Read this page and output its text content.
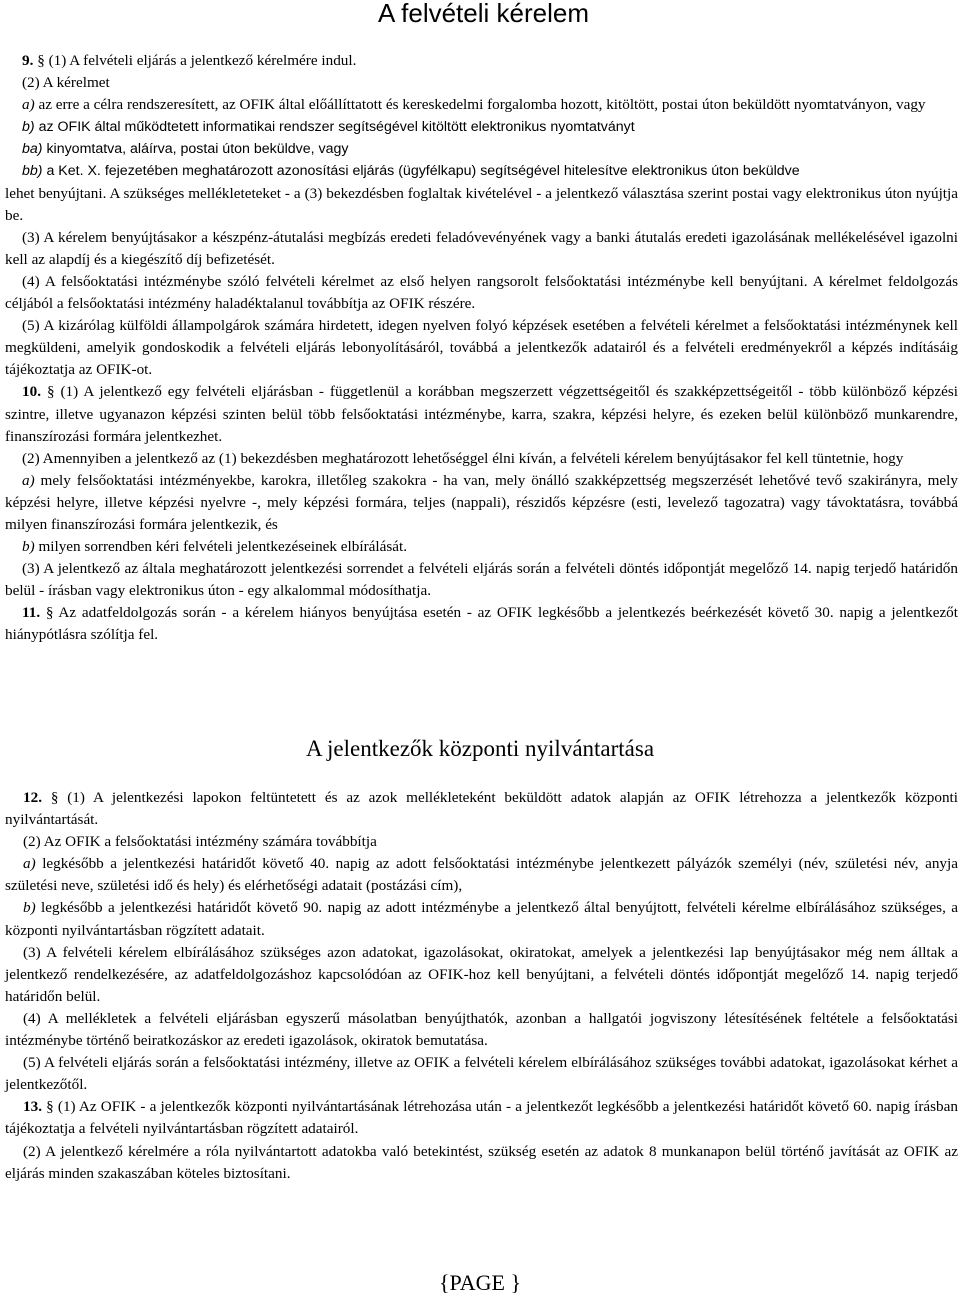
A felvételi kérelem

9. § (1) A felvételi eljárás a jelentkező kérelmére indul.

(2) A kérelmet

a) az erre a célra rendszeresített, az OFIK által előállíttatott és kereskedelmi forgalomba hozott, kitöltött, postai úton beküldött nyomtatványon, vagy

b) az OFIK által működtetett informatikai rendszer segítségével kitöltött elektronikus nyomtatványt

ba) kinyomtatva, aláírva, postai úton beküldve, vagy

bb) a Ket. X. fejezetében meghatározott azonosítási eljárás (ügyfélkapu) segítségével hitelesítve elektronikus úton beküldve

lehet benyújtani. A szükséges mellékleteteket - a (3) bekezdésben foglaltak kivételével - a jelentkező választása szerint postai vagy elektronikus úton nyújtja be.

(3) A kérelem benyújtásakor a készpénz-átutalási megbízás eredeti feladóvevényének vagy a banki átutalás eredeti igazolásának mellékelésével igazolni kell az alapdíj és a kiegészítő díj befizetését.

(4) A felsőoktatási intézménybe szóló felvételi kérelmet az első helyen rangsorolt felsőoktatási intézménybe kell benyújtani. A kérelmet feldolgozás céljából a felsőoktatási intézmény haladéktalanul továbbítja az OFIK részére.

(5) A kizárólag külföldi állampolgárok számára hirdetett, idegen nyelven folyó képzések esetében a felvételi kérelmet a felsőoktatási intézménynek kell megküldeni, amelyik gondoskodik a felvételi eljárás lebonyolításáról, továbbá a jelentkezők adatairól és a felvételi eredményekről a képzés indításáig tájékoztatja az OFIK-ot.

10. § (1) A jelentkező egy felvételi eljárásban - függetlenül a korábban megszerzett végzettségeitől és szakképzettségeitől - több különböző képzési szintre, illetve ugyanazon képzési szinten belül több felsőoktatási intézménybe, karra, szakra, képzési helyre, és ezeken belül különböző munkarendre, finanszírozási formára jelentkezhet.

(2) Amennyiben a jelentkező az (1) bekezdésben meghatározott lehetőséggel élni kíván, a felvételi kérelem benyújtásakor fel kell tüntetnie, hogy

a) mely felsőoktatási intézményekbe, karokra, illetőleg szakokra - ha van, mely önálló szakképzettség megszerzését lehetővé tevő szakirányra, mely képzési helyre, illetve képzési nyelvre -, mely képzési formára, teljes (nappali), részidős képzésre (esti, levelező tagozatra) vagy távoktatásra, továbbá milyen finanszírozási formára jelentkezik, és

b) milyen sorrendben kéri felvételi jelentkezéseinek elbírálását.

(3) A jelentkező az általa meghatározott jelentkezési sorrendet a felvételi eljárás során a felvételi döntés időpontját megelőző 14. napig terjedő határidőn belül - írásban vagy elektronikus úton - egy alkalommal módosíthatja.

11. § Az adatfeldolgozás során - a kérelem hiányos benyújtása esetén - az OFIK legkésőbb a jelentkezés beérkezését követő 30. napig a jelentkezőt hiánypótlásra szólítja fel.

A jelentkezők központi nyilvántartása

12. § (1) A jelentkezési lapokon feltüntetett és az azok mellékleteként beküldött adatok alapján az OFIK létrehozza a jelentkezők központi nyilvántartását.

(2) Az OFIK a felsőoktatási intézmény számára továbbítja

a) legkésőbb a jelentkezési határidőt követő 40. napig az adott felsőoktatási intézménybe jelentkezett pályázók személyi (név, születési név, anyja születési neve, születési idő és hely) és elérhetőségi adatait (postázási cím),

b) legkésőbb a jelentkezési határidőt követő 90. napig az adott intézménybe a jelentkező által benyújtott, felvételi kérelme elbírálásához szükséges, a központi nyilvántartásban rögzített adatait.

(3) A felvételi kérelem elbírálásához szükséges azon adatokat, igazolásokat, okiratokat, amelyek a jelentkezési lap benyújtásakor még nem álltak a jelentkező rendelkezésére, az adatfeldolgozáshoz kapcsolódóan az OFIK-hoz kell benyújtani, a felvételi döntés időpontját megelőző 14. napig terjedő határidőn belül.

(4) A mellékletek a felvételi eljárásban egyszerű másolatban benyújthatók, azonban a hallgatói jogviszony létesítésének feltétele a felsőoktatási intézménybe történő beiratkozáskor az eredeti igazolások, okiratok bemutatása.

(5) A felvételi eljárás során a felsőoktatási intézmény, illetve az OFIK a felvételi kérelem elbírálásához szükséges további adatokat, igazolásokat kérhet a jelentkezőtől.

13. § (1) Az OFIK - a jelentkezők központi nyilvántartásának létrehozása után - a jelentkezőt legkésőbb a jelentkezési határidőt követő 60. napig írásban tájékoztatja a felvételi nyilvántartásban rögzített adatairól.

(2) A jelentkező kérelmére a róla nyilvántartott adatokba való betekintést, szükség esetén az adatok 8 munkanapon belül történő javítását az OFIK az eljárás minden szakaszában köteles biztosítani.

{PAGE }
